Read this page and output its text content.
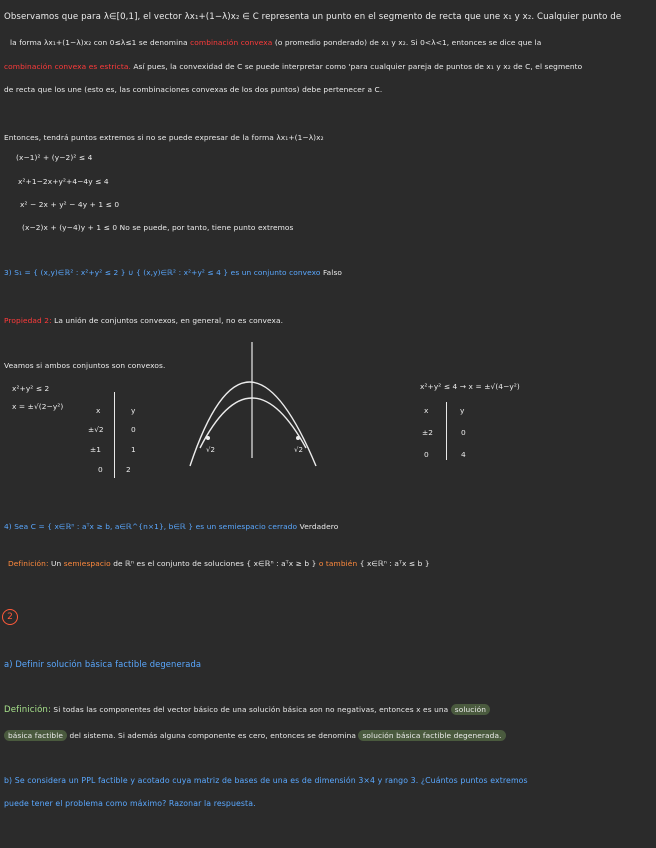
Observamos que para λ∈[0,1], el vector λx₁+(1−λ)x₂ ∈ C representa un punto en el segmento de recta que une x₁ y x₂. Cualquier punto de
la forma λx₁+(1−λ)x₂ con 0≤λ≤1 se denomina combinación convexa (o promedio ponderado) de x₁ y x₂. Si 0<λ<1, entonces se dice que la
combinación convexa es estricta. Así pues, la convexidad de C se puede interpretar como 'para cualquier pareja de puntos de x₁ y x₂ de C, el segmento
de recta que los une (esto es, las combinaciones convexas de los dos puntos) debe pertenecer a C.
Entonces, tendrá puntos extremos si no se puede expresar de la forma λx₁+(1−λ)x₂
(x−1)² + (y−2)² ≤ 4
x²+1−2x+y²+4−4y ≤ 4
x² − 2x + y² − 4y + 1 ≤ 0
(x−2)x + (y−4)y + 1 ≤ 0 No se puede, por tanto, tiene punto extremos
3) S₁ = { (x,y)∈ℝ² : x²+y² ≤ 2 } ∪ { (x,y)∈ℝ² : x²+y² ≤ 4 } es un conjunto convexo Falso
Propiedad 2: La unión de conjuntos convexos, en general, no es convexa.
Veamos si ambos conjuntos son convexos.
x²+y² ≤ 2
x = ±√(2−y²)
x²+y² ≤ 4 → x = ±√(4−y²)
x	y
±√2	0
±1	1
0	2
√2	√2
x	y
±2	0
0	4
4) Sea C = { x∈ℝⁿ : aᵀx ≥ b, a∈ℝ^{n×1}, b∈ℝ } es un semiespacio cerrado Verdadero
Definición: Un semiespacio de ℝⁿ es el conjunto de soluciones { x∈ℝⁿ : aᵀx ≥ b } o también { x∈ℝⁿ : aᵀx ≤ b }
2
a) Definir solución básica factible degenerada
Definición: Si todas las componentes del vector básico de una solución básica son no negativas, entonces x es una solución
básica factible del sistema. Si además alguna componente es cero, entonces se denomina solución básica factible degenerada.
b) Se considera un PPL factible y acotado cuya matriz de bases de una es de dimensión 3×4 y rango 3. ¿Cuántos puntos extremos
puede tener el problema como máximo? Razonar la respuesta.
